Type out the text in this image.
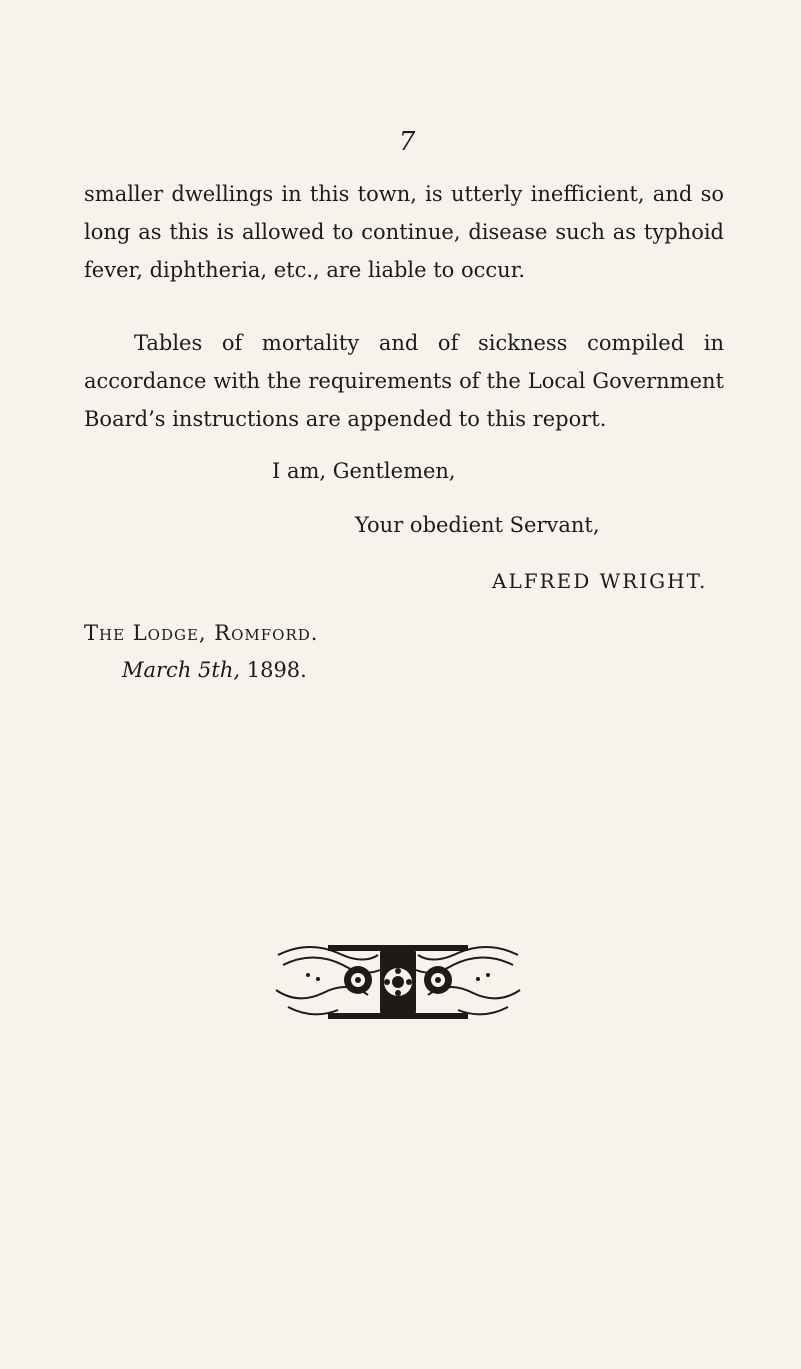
7

smaller dwellings in this town, is utterly inefficient, and so long as this is allowed to continue, disease such as typhoid fever, diphtheria, etc., are liable to occur.

Tables of mortality and of sickness compiled in accordance with the requirements of the Local Government Board’s instructions are appended to this report.

I am, Gentlemen,
Your obedient Servant,
ALFRED WRIGHT.
The Lodge, Romford.
March 5th, 1898.
